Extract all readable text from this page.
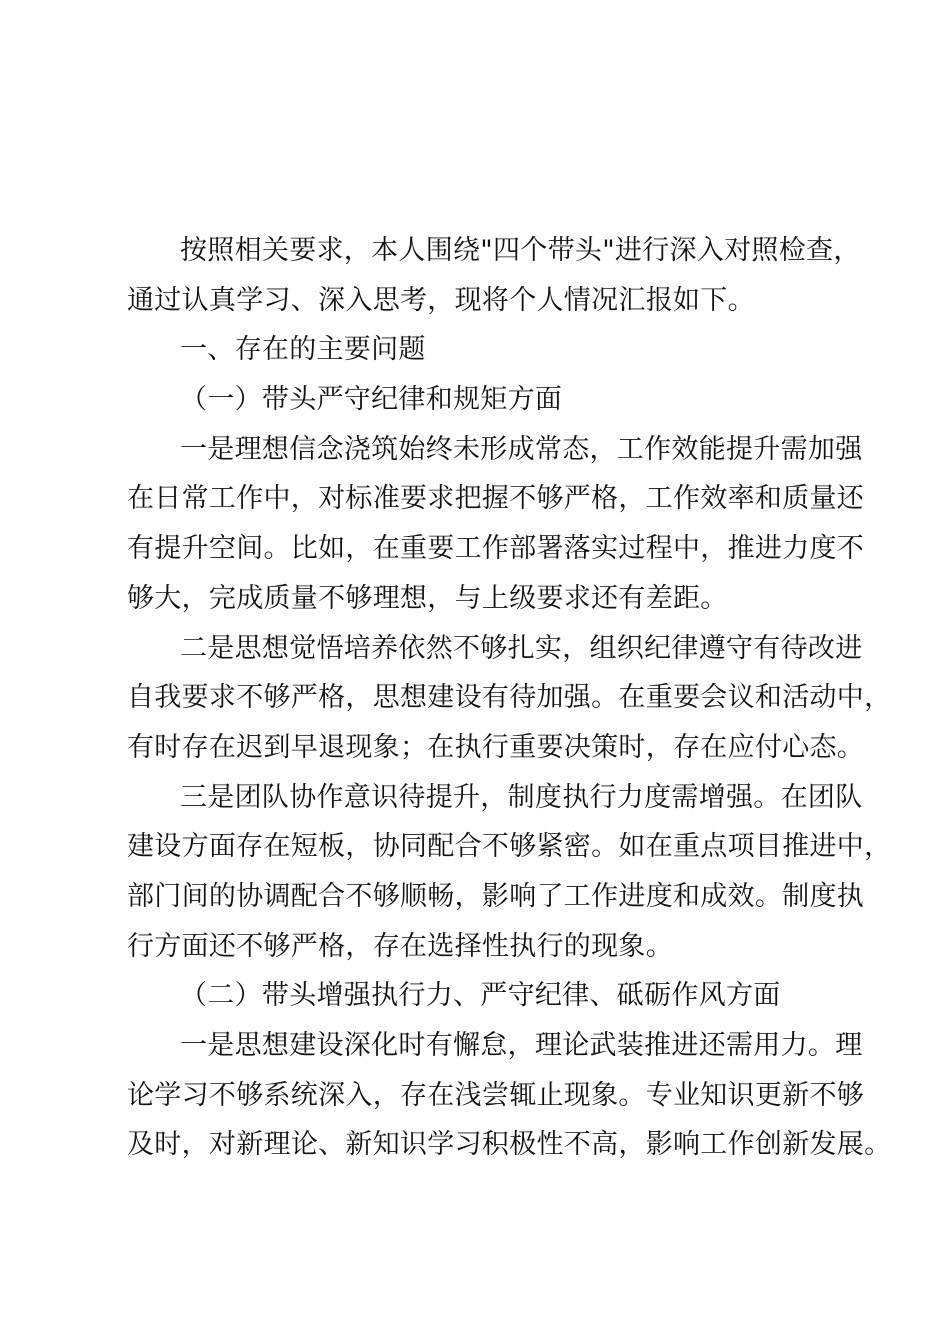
按照相关要求，本人围绕"四个带头"进行深入对照检查，
通过认真学习、深入思考，现将个人情况汇报如下。
一、存在的主要问题
（一）带头严守纪律和规矩方面
一是理想信念浇筑始终未形成常态，工作效能提升需加强
在日常工作中，对标准要求把握不够严格，工作效率和质量还
有提升空间。比如，在重要工作部署落实过程中，推进力度不
够大，完成质量不够理想，与上级要求还有差距。
二是思想觉悟培养依然不够扎实，组织纪律遵守有待改进
自我要求不够严格，思想建设有待加强。在重要会议和活动中，
有时存在迟到早退现象；在执行重要决策时，存在应付心态。
三是团队协作意识待提升，制度执行力度需增强。在团队
建设方面存在短板，协同配合不够紧密。如在重点项目推进中，
部门间的协调配合不够顺畅，影响了工作进度和成效。制度执
行方面还不够严格，存在选择性执行的现象。
（二）带头增强执行力、严守纪律、砥砺作风方面
一是思想建设深化时有懈怠，理论武装推进还需用力。理
论学习不够系统深入，存在浅尝辄止现象。专业知识更新不够
及时，对新理论、新知识学习积极性不高，影响工作创新发展。
